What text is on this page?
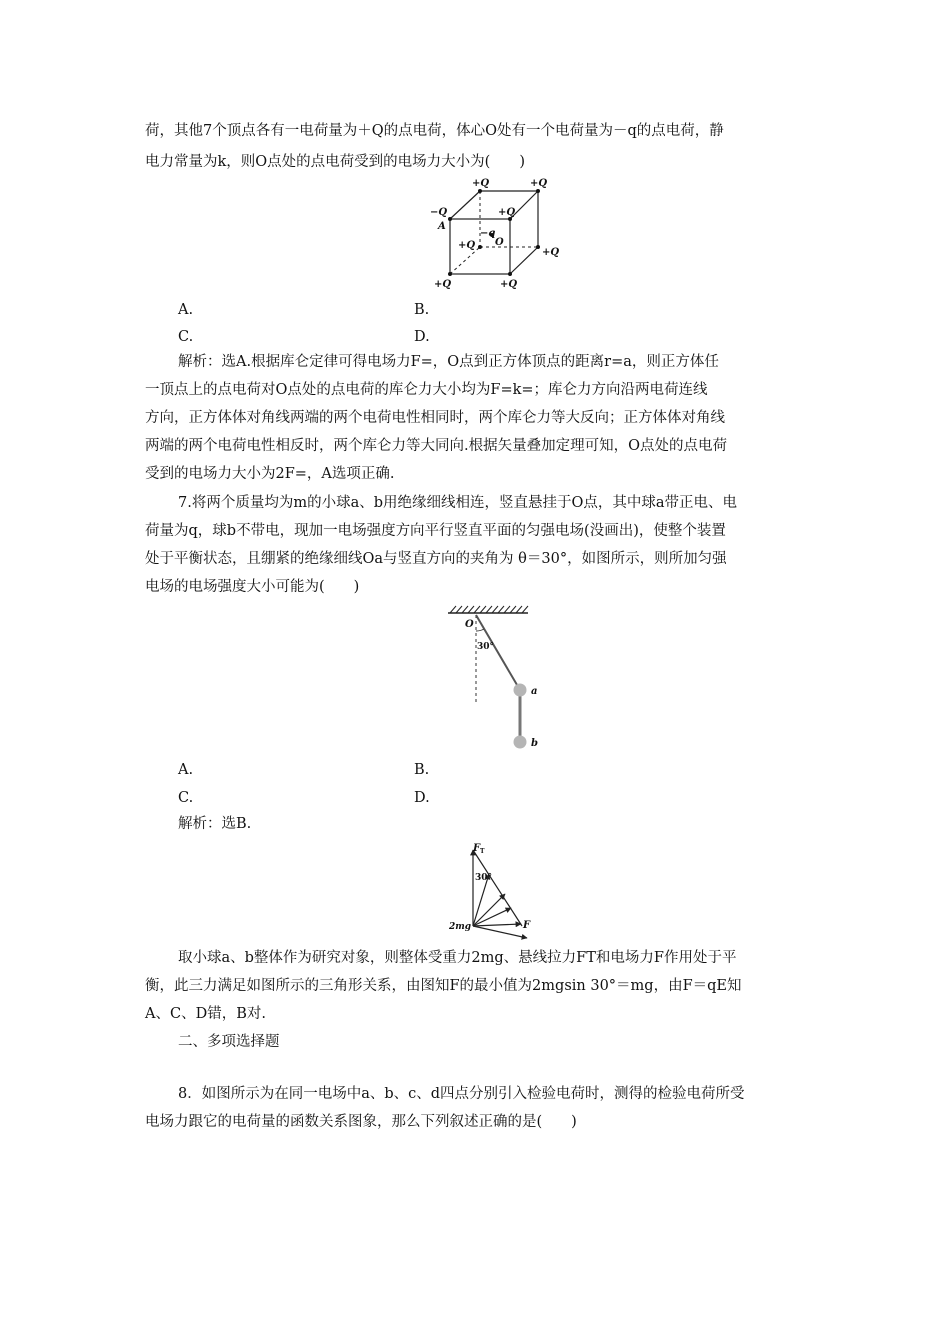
荷，其他7个顶点各有一电荷量为＋Q的点电荷，体心O处有一个电荷量为－q的点电荷，静

电力常量为k，则O点处的点电荷受到的电场力大小为(　　)

+Q	+Q
−Q
A
+Q
−q
O
+Q
+Q
+Q	+Q
A.	B.
C.	D.

解析：选A.根据库仑定律可得电场力F=，O点到正方体顶点的距离r=a，则正方体任

一顶点上的点电荷对O点处的点电荷的库仑力大小均为F=k=；库仑力方向沿两电荷连线

方向，正方体体对角线两端的两个电荷电性相同时，两个库仑力等大反向；正方体体对角线

两端的两个电荷电性相反时，两个库仑力等大同向.根据矢量叠加定理可知，O点处的点电荷

受到的电场力大小为2F=，A选项正确.

7.将两个质量均为m的小球a、b用绝缘细线相连，竖直悬挂于O点，其中球a带正电、电

荷量为q，球b不带电，现加一电场强度方向平行竖直平面的匀强电场(没画出)，使整个装置

处于平衡状态，且绷紧的绝缘细线Oa与竖直方向的夹角为 θ＝30°，如图所示，则所加匀强

电场的电场强度大小可能为(　　)

O
30°
a
b
A.	B.
C.	D.

解析：选B.

F T
30°
2mg	F

取小球a、b整体作为研究对象，则整体受重力2mg、悬线拉力FT和电场力F作用处于平

衡，此三力满足如图所示的三角形关系，由图知F的最小值为2mgsin 30°＝mg，由F＝qE知

A、C、D错，B对.

二、多项选择题

8．如图所示为在同一电场中a、b、c、d四点分别引入检验电荷时，测得的检验电荷所受

电场力跟它的电荷量的函数关系图象，那么下列叙述正确的是(　　)
